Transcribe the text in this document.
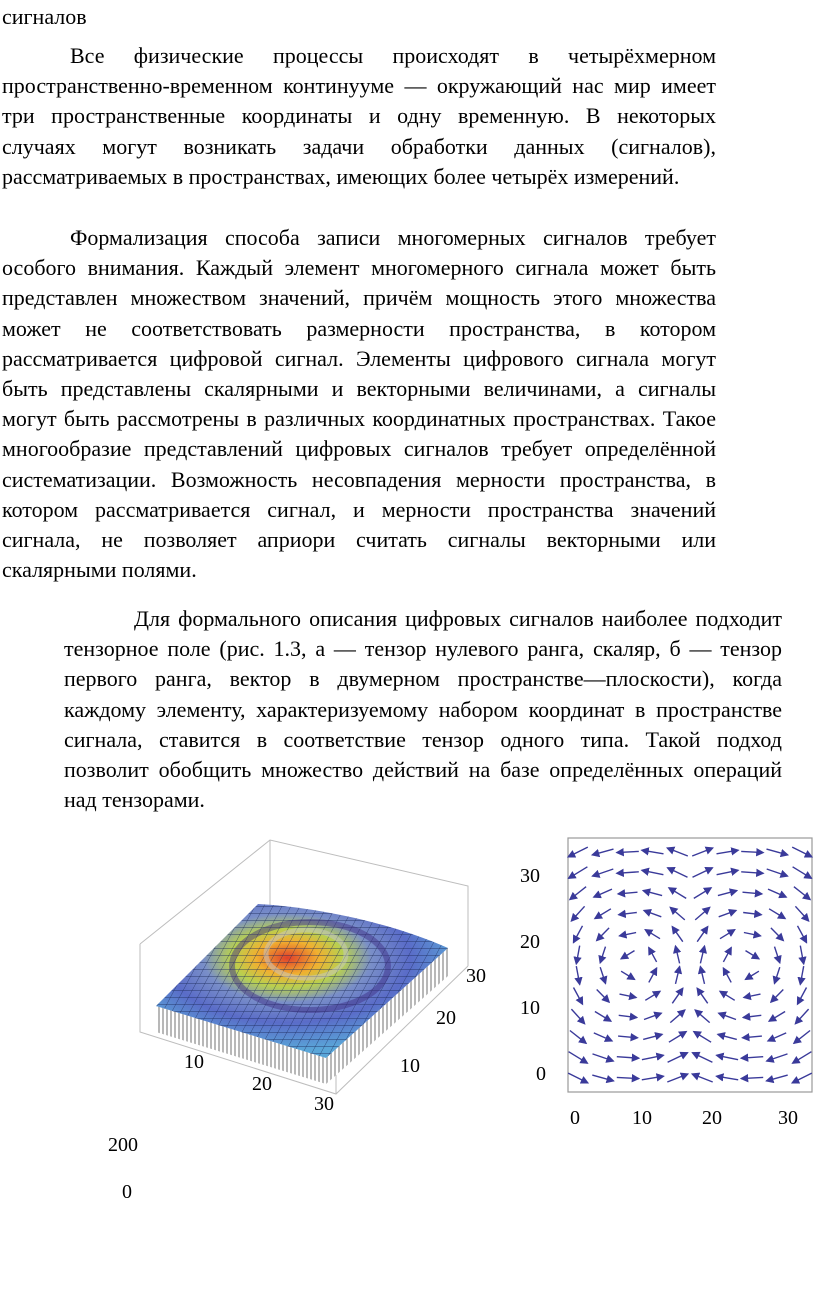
сигналов

Все физические процессы происходят в четырёхмерном пространственно-временном континууме — окружающий нас мир имеет три пространственные координаты и одну временную. В некоторых случаях могут возникать задачи обработки данных (сигналов), рассматриваемых в пространствах, имеющих более четырёх измерений.

Формализация способа записи многомерных сигналов требует особого внимания. Каждый элемент многомерного сигнала может быть представлен множеством значений, причём мощность этого множества может не соответствовать размерности пространства, в котором рассматривается цифровой сигнал. Элементы цифрового сигнала могут быть представлены скалярными и векторными величинами, а сигналы могут быть рассмотрены в различных координатных пространствах. Такое многообразие представлений цифровых сигналов требует определённой систематизации. Возможность несовпадения мерности пространства, в котором рассматривается сигнал, и мерности пространства значений сигнала, не позволяет априори считать сигналы векторными или скалярными полями.

Для формального описания цифровых сигналов наиболее подходит тензорное поле (рис. 1.3, а — тензор нулевого ранга, скаляр, б — тензор первого ранга, вектор в двумерном пространстве—плоскости), когда каждому элементу, характеризуемому набором координат в пространстве сигнала, ставится в соответствие тензор одного типа. Такой подход позволит обобщить множество действий на базе определённых операций над тензорами.

10
20
30
10
20
30
200
0
30
20
10
0
0	10	20	30
